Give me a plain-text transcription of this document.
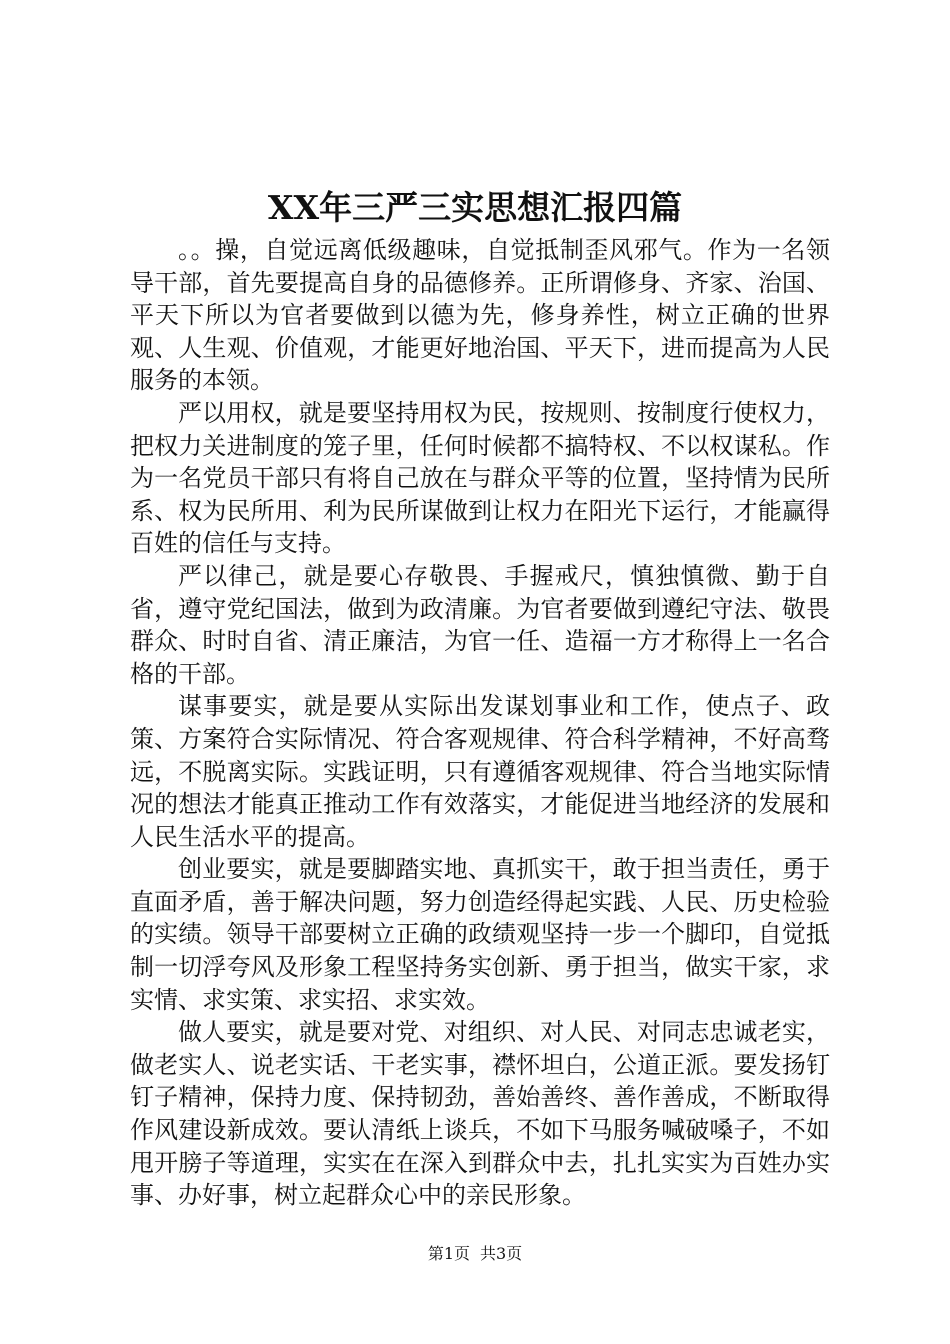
XX年三严三实思想汇报四篇

。。操，自觉远离低级趣味，自觉抵制歪风邪气。作为一名领导干部，首先要提高自身的品德修养。正所谓修身、齐家、治国、平天下所以为官者要做到以德为先，修身养性，树立正确的世界观、人生观、价值观，才能更好地治国、平天下，进而提高为人民服务的本领。

严以用权，就是要坚持用权为民，按规则、按制度行使权力，把权力关进制度的笼子里，任何时候都不搞特权、不以权谋私。作为一名党员干部只有将自己放在与群众平等的位置，坚持情为民所系、权为民所用、利为民所谋做到让权力在阳光下运行，才能赢得百姓的信任与支持。

严以律己，就是要心存敬畏、手握戒尺，慎独慎微、勤于自省，遵守党纪国法，做到为政清廉。为官者要做到遵纪守法、敬畏群众、时时自省、清正廉洁，为官一任、造福一方才称得上一名合格的干部。

谋事要实，就是要从实际出发谋划事业和工作，使点子、政策、方案符合实际情况、符合客观规律、符合科学精神，不好高骛远，不脱离实际。实践证明，只有遵循客观规律、符合当地实际情况的想法才能真正推动工作有效落实，才能促进当地经济的发展和人民生活水平的提高。

创业要实，就是要脚踏实地、真抓实干，敢于担当责任，勇于直面矛盾，善于解决问题，努力创造经得起实践、人民、历史检验的实绩。领导干部要树立正确的政绩观坚持一步一个脚印，自觉抵制一切浮夸风及形象工程坚持务实创新、勇于担当，做实干家，求实情、求实策、求实招、求实效。

做人要实，就是要对党、对组织、对人民、对同志忠诚老实，做老实人、说老实话、干老实事，襟怀坦白，公道正派。要发扬钉钉子精神，保持力度、保持韧劲，善始善终、善作善成，不断取得作风建设新成效。要认清纸上谈兵，不如下马服务喊破嗓子，不如甩开膀子等道理，实实在在深入到群众中去，扎扎实实为百姓办实事、办好事，树立起群众心中的亲民形象。

第1页 共3页
